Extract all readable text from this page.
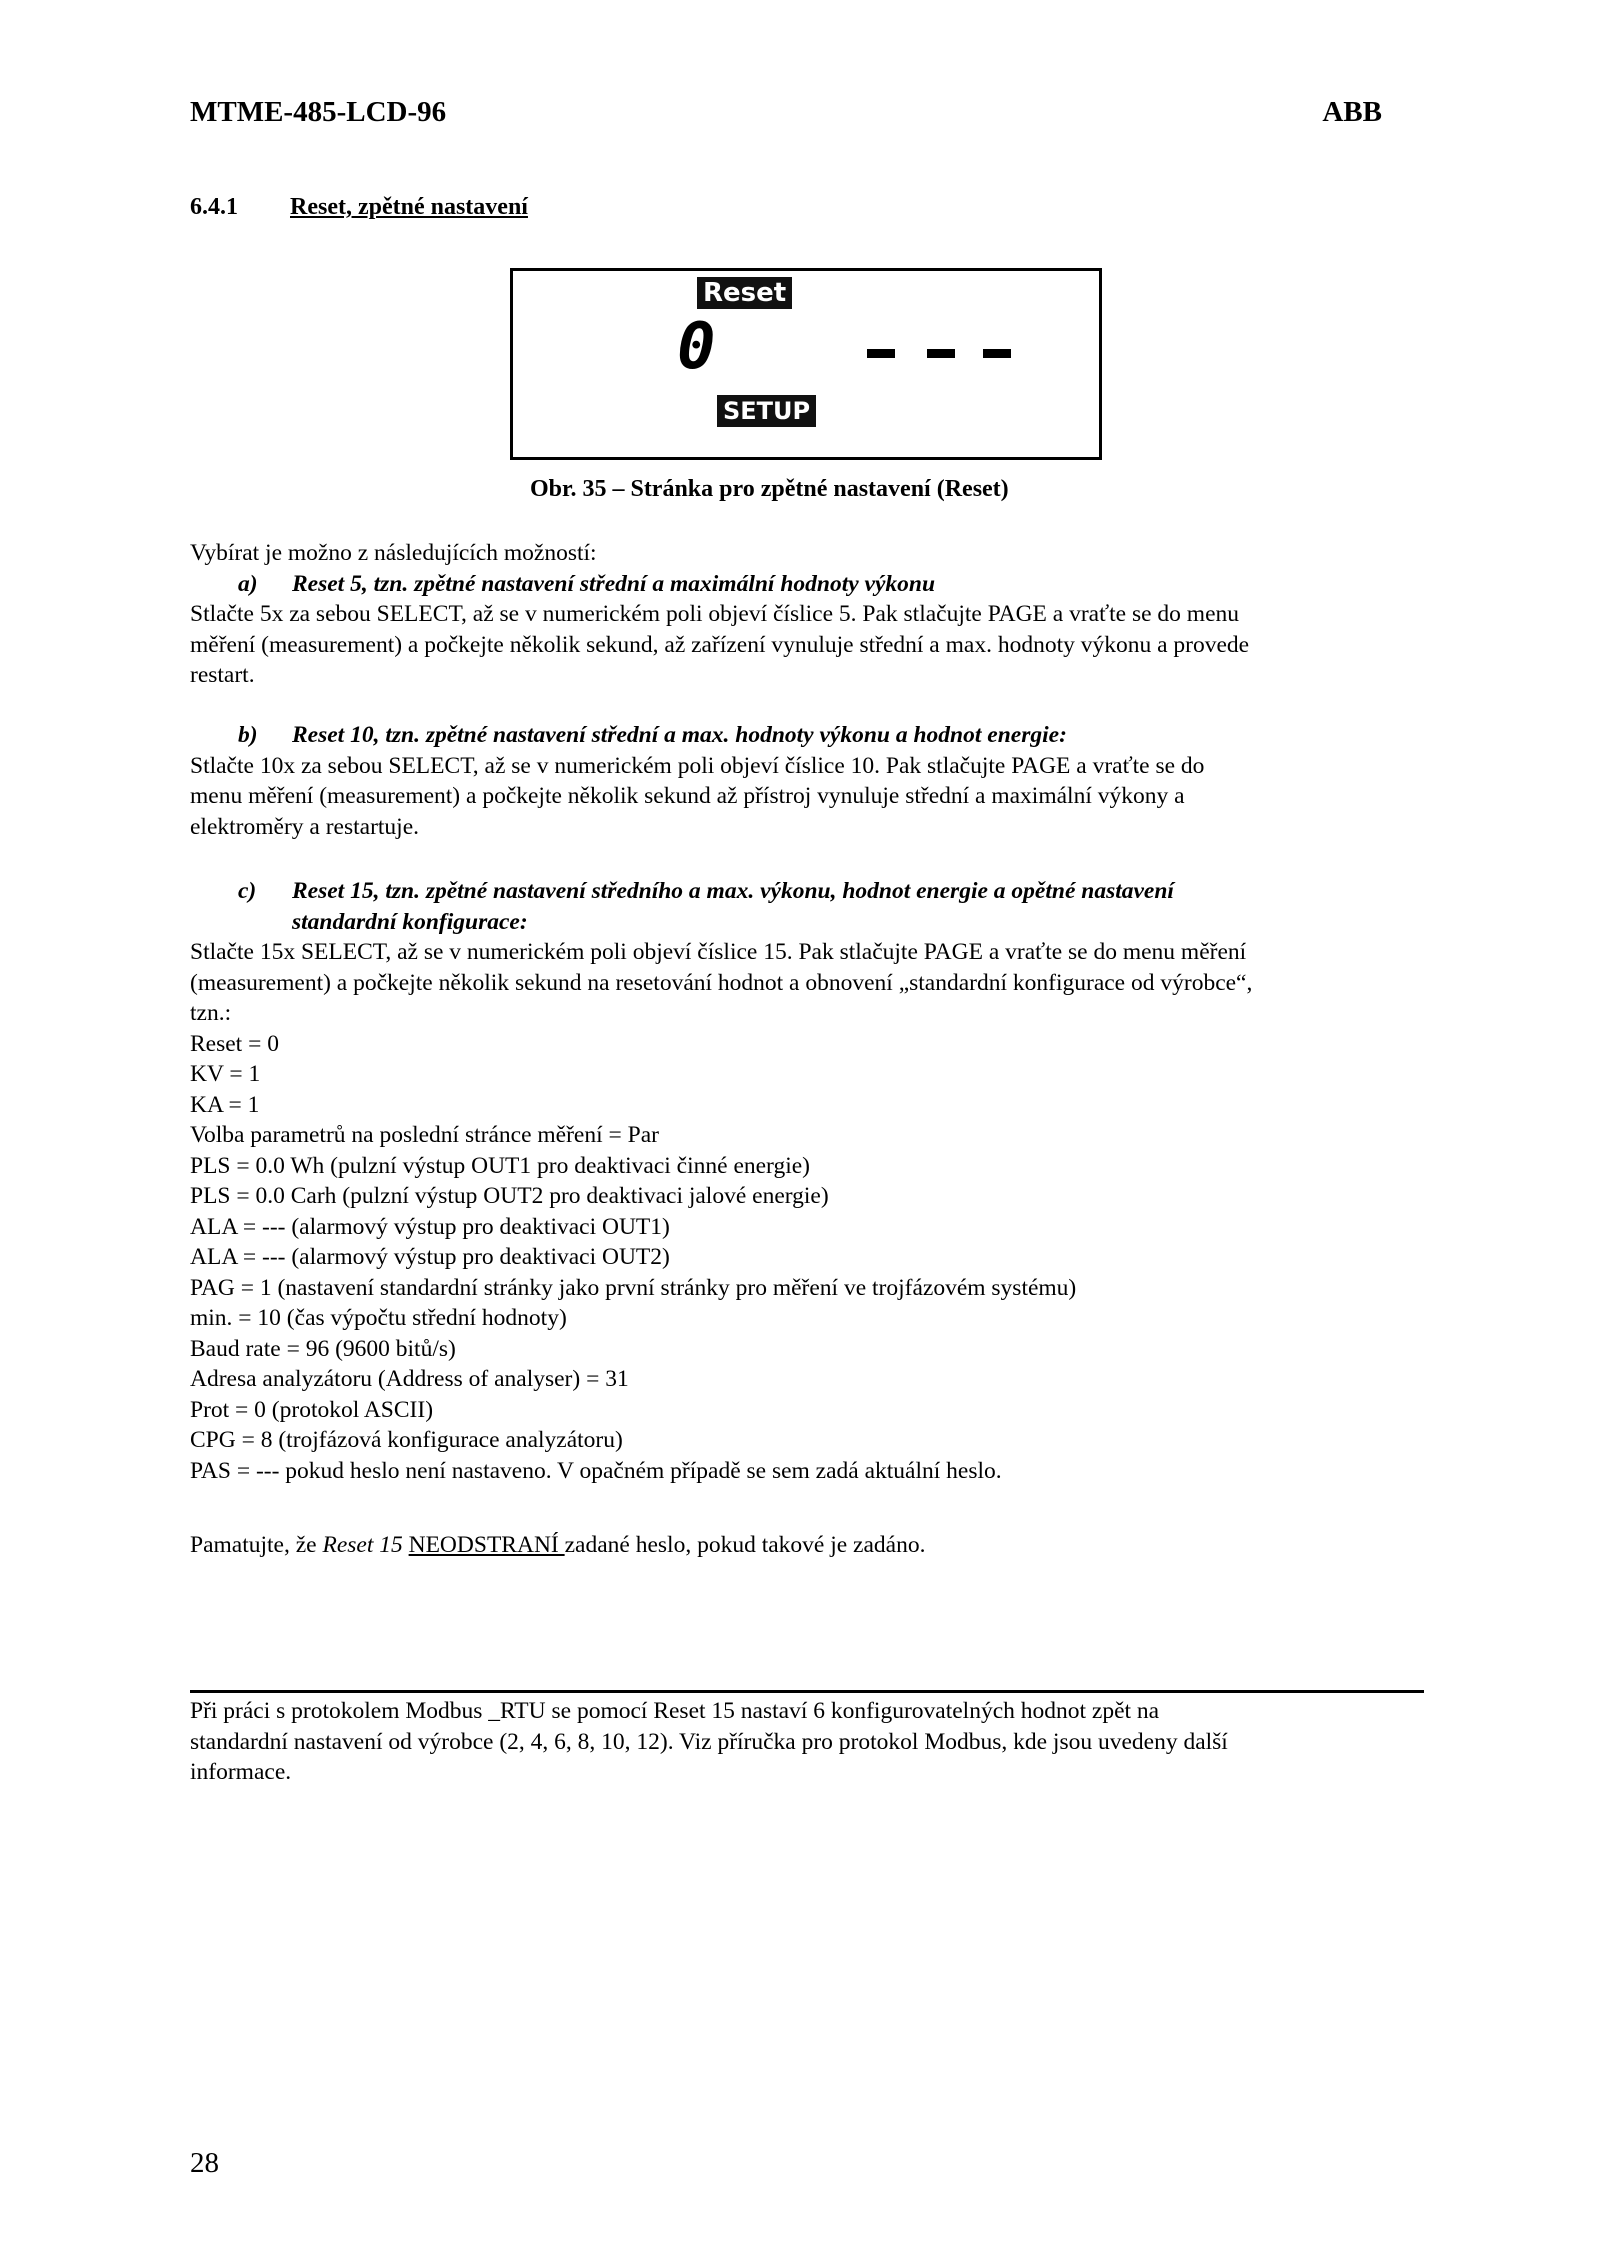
MTME-485-LCD-96	ABB
6.4.1 Reset, zpětné nastavení
Reset
0
SETUP
Obr. 35 – Stránka pro zpětné nastavení (Reset)
Vybírat je možno z následujících možností:
a) Reset 5, tzn. zpětné nastavení střední a maximální hodnoty výkonu
Stlačte 5x za sebou SELECT, až se v numerickém poli objeví číslice 5. Pak stlačujte PAGE a vraťte se do menu
měření (measurement) a počkejte několik sekund, až zařízení vynuluje střední a max. hodnoty výkonu a provede
restart.
b) Reset 10, tzn. zpětné nastavení střední a max. hodnoty výkonu a hodnot energie:
Stlačte 10x za sebou SELECT, až se v numerickém poli objeví číslice 10. Pak stlačujte PAGE a vraťte se do
menu měření (measurement) a počkejte několik sekund až přístroj vynuluje střední a maximální výkony a
elektroměry a restartuje.
c) Reset 15, tzn. zpětné nastavení středního a max. výkonu, hodnot energie a opětné nastavení
standardní konfigurace:
Stlačte 15x SELECT, až se v numerickém poli objeví číslice 15. Pak stlačujte PAGE a vraťte se do menu měření
(measurement) a počkejte několik sekund na resetování hodnot a obnovení „standardní konfigurace od výrobce“,
tzn.:
Reset = 0
KV = 1
KA = 1
Volba parametrů na poslední stránce měření = Par
PLS = 0.0 Wh (pulzní výstup OUT1 pro deaktivaci činné energie)
PLS = 0.0 Carh (pulzní výstup OUT2 pro deaktivaci jalové energie)
ALA = --- (alarmový výstup pro deaktivaci OUT1)
ALA = --- (alarmový výstup pro deaktivaci OUT2)
PAG = 1 (nastavení standardní stránky jako první stránky pro měření ve trojfázovém systému)
min. = 10 (čas výpočtu střední hodnoty)
Baud rate = 96 (9600 bitů/s)
Adresa analyzátoru (Address of analyser) = 31
Prot = 0 (protokol ASCII)
CPG = 8 (trojfázová konfigurace analyzátoru)
PAS = --- pokud heslo není nastaveno. V opačném případě se sem zadá aktuální heslo.
Pamatujte, že Reset 15 NEODSTRANÍ zadané heslo, pokud takové je zadáno.
Při práci s protokolem Modbus _RTU se pomocí Reset 15 nastaví 6 konfigurovatelných hodnot zpět na
standardní nastavení od výrobce (2, 4, 6, 8, 10, 12). Viz příručka pro protokol Modbus, kde jsou uvedeny další
informace.
28
